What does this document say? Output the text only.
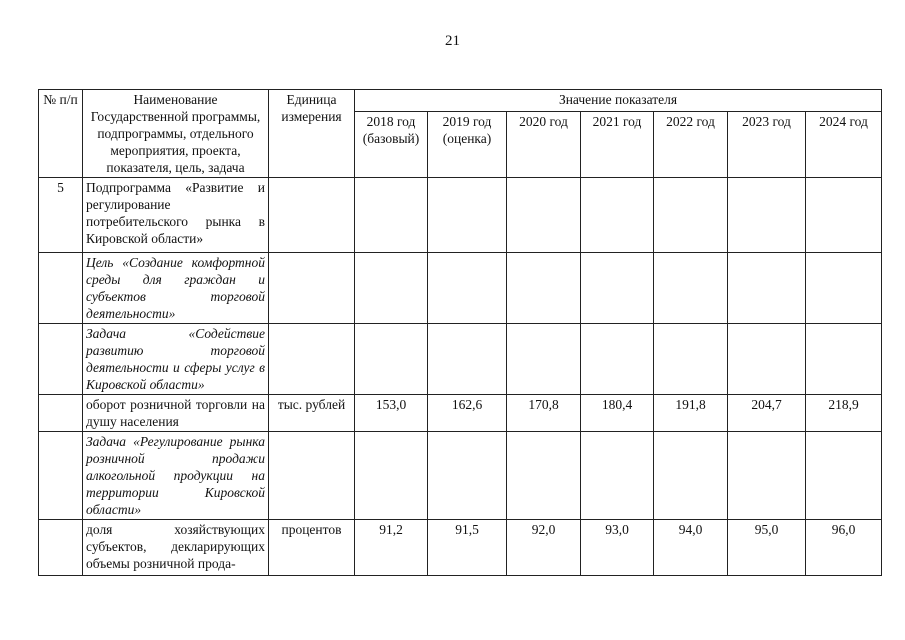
21
№ п/п	Наименование Государственной программы, подпрограммы, отдельного мероприятия, проекта, показателя, цель, задача	Единица измерения	Значение показателя						
			2018 год (базовый)	2019 год (оценка)	2020 год	2021 год	2022 год	2023 год	2024 год
5	Подпрограмма «Развитие и регулирование потребительского рынка в Кировской области»								
	Цель «Создание комфортной среды для граждан и субъектов торговой деятельности»								
	Задача «Содействие развитию торговой деятельности и сферы услуг в Кировской области»								
	оборот розничной торговли на душу населения	тыс. рублей	153,0	162,6	170,8	180,4	191,8	204,7	218,9
	Задача «Регулирование рынка розничной продажи алкогольной продукции на территории Кировской области»								
	доля хозяйствующих субъектов, декларирующих объемы розничной прода-	процентов	91,2	91,5	92,0	93,0	94,0	95,0	96,0
